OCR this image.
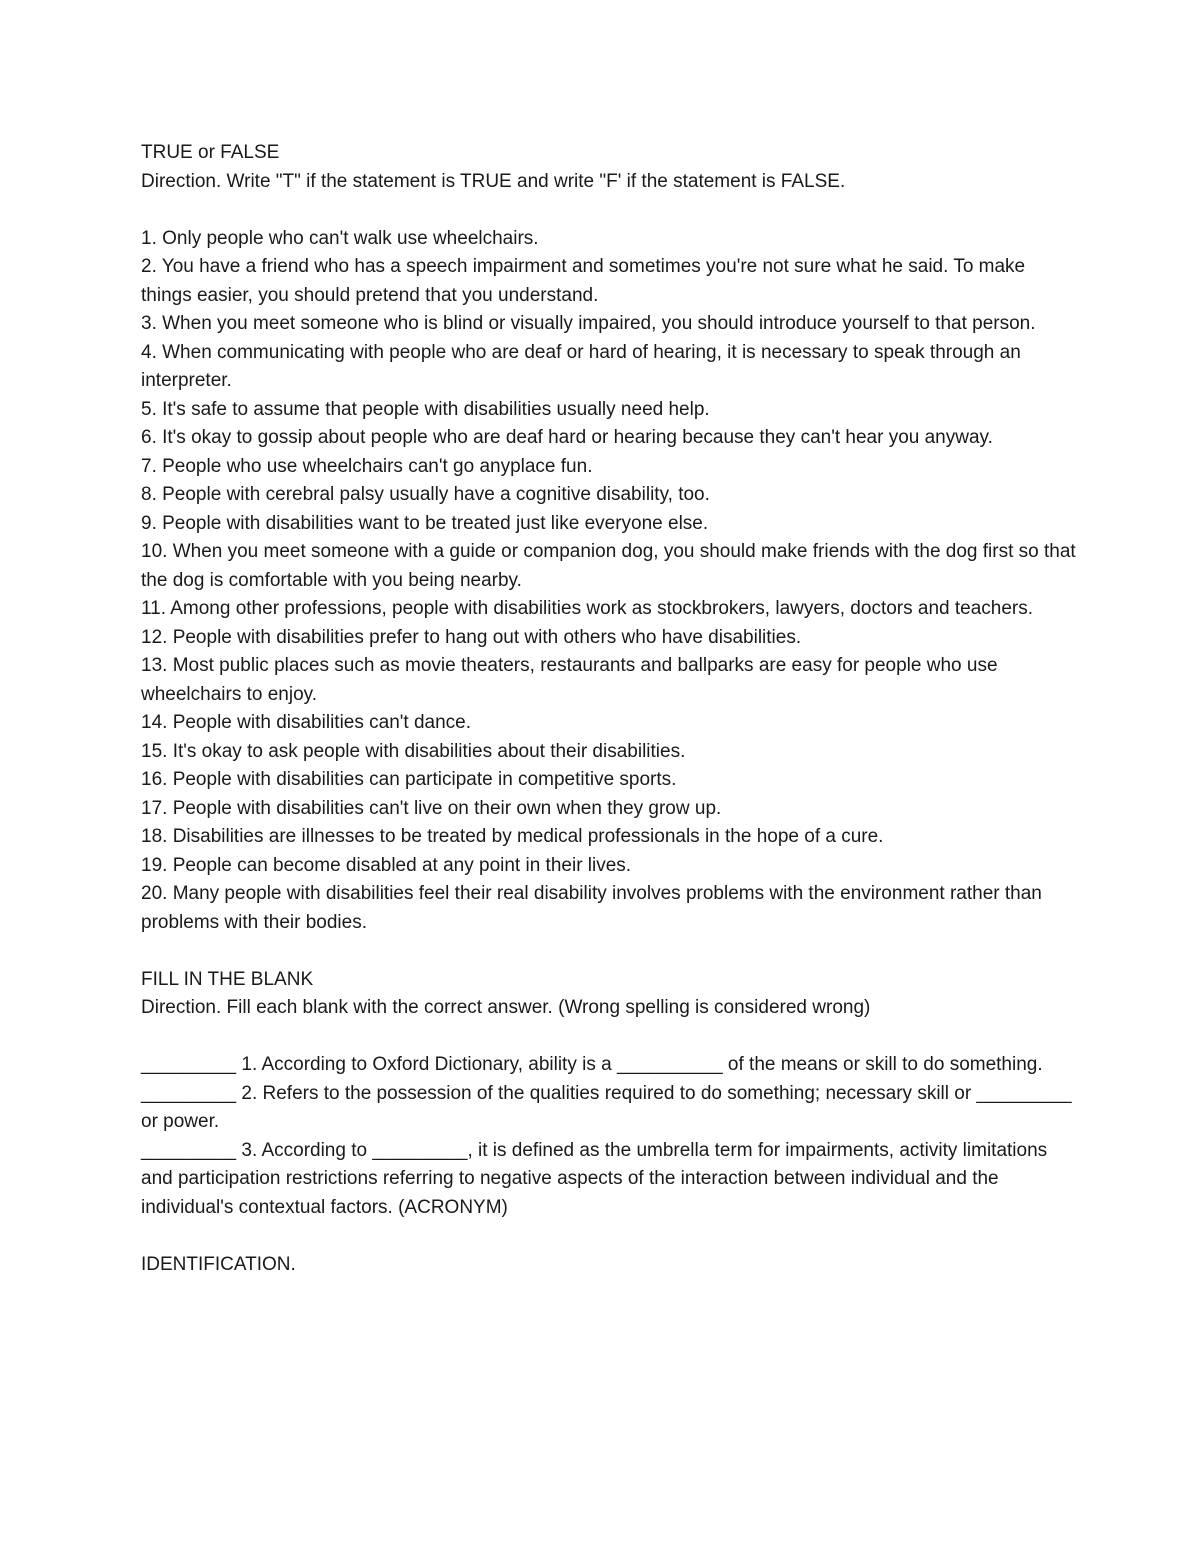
TRUE or FALSE

Direction. Write "T" if the statement is TRUE and write "F' if the statement is FALSE.

1. Only people who can't walk use wheelchairs.
2. You have a friend who has a speech impairment and sometimes you're not sure what he said. To make things easier, you should pretend that you understand.
3. When you meet someone who is blind or visually impaired, you should introduce yourself to that person.
4. When communicating with people who are deaf or hard of hearing, it is necessary to speak through an interpreter.
5. It's safe to assume that people with disabilities usually need help.
6. It's okay to gossip about people who are deaf hard or hearing because they can't hear you anyway.
7. People who use wheelchairs can't go anyplace fun.
8. People with cerebral palsy usually have a cognitive disability, too.
9. People with disabilities want to be treated just like everyone else.
10. When you meet someone with a guide or companion dog, you should make friends with the dog first so that the dog is comfortable with you being nearby.
11. Among other professions, people with disabilities work as stockbrokers, lawyers, doctors and teachers.
12. People with disabilities prefer to hang out with others who have disabilities.
13. Most public places such as movie theaters, restaurants and ballparks are easy for people who use wheelchairs to enjoy.
14. People with disabilities can't dance.
15. It's okay to ask people with disabilities about their disabilities.
16. People with disabilities can participate in competitive sports.
17. People with disabilities can't live on their own when they grow up.
18. Disabilities are illnesses to be treated by medical professionals in the hope of a cure.
19. People can become disabled at any point in their lives.
20. Many people with disabilities feel their real disability involves problems with the environment rather than problems with their bodies.

FILL IN THE BLANK

Direction. Fill each blank with the correct answer. (Wrong spelling is considered wrong)

_________ 1. According to Oxford Dictionary, ability is a __________ of the means or skill to do something.
_________ 2. Refers to the possession of the qualities required to do something; necessary skill or _________ or power.
_________ 3. According to _________, it is defined as the umbrella term for impairments, activity limitations and participation restrictions referring to negative aspects of the interaction between individual and the individual's contextual factors. (ACRONYM)

IDENTIFICATION.
